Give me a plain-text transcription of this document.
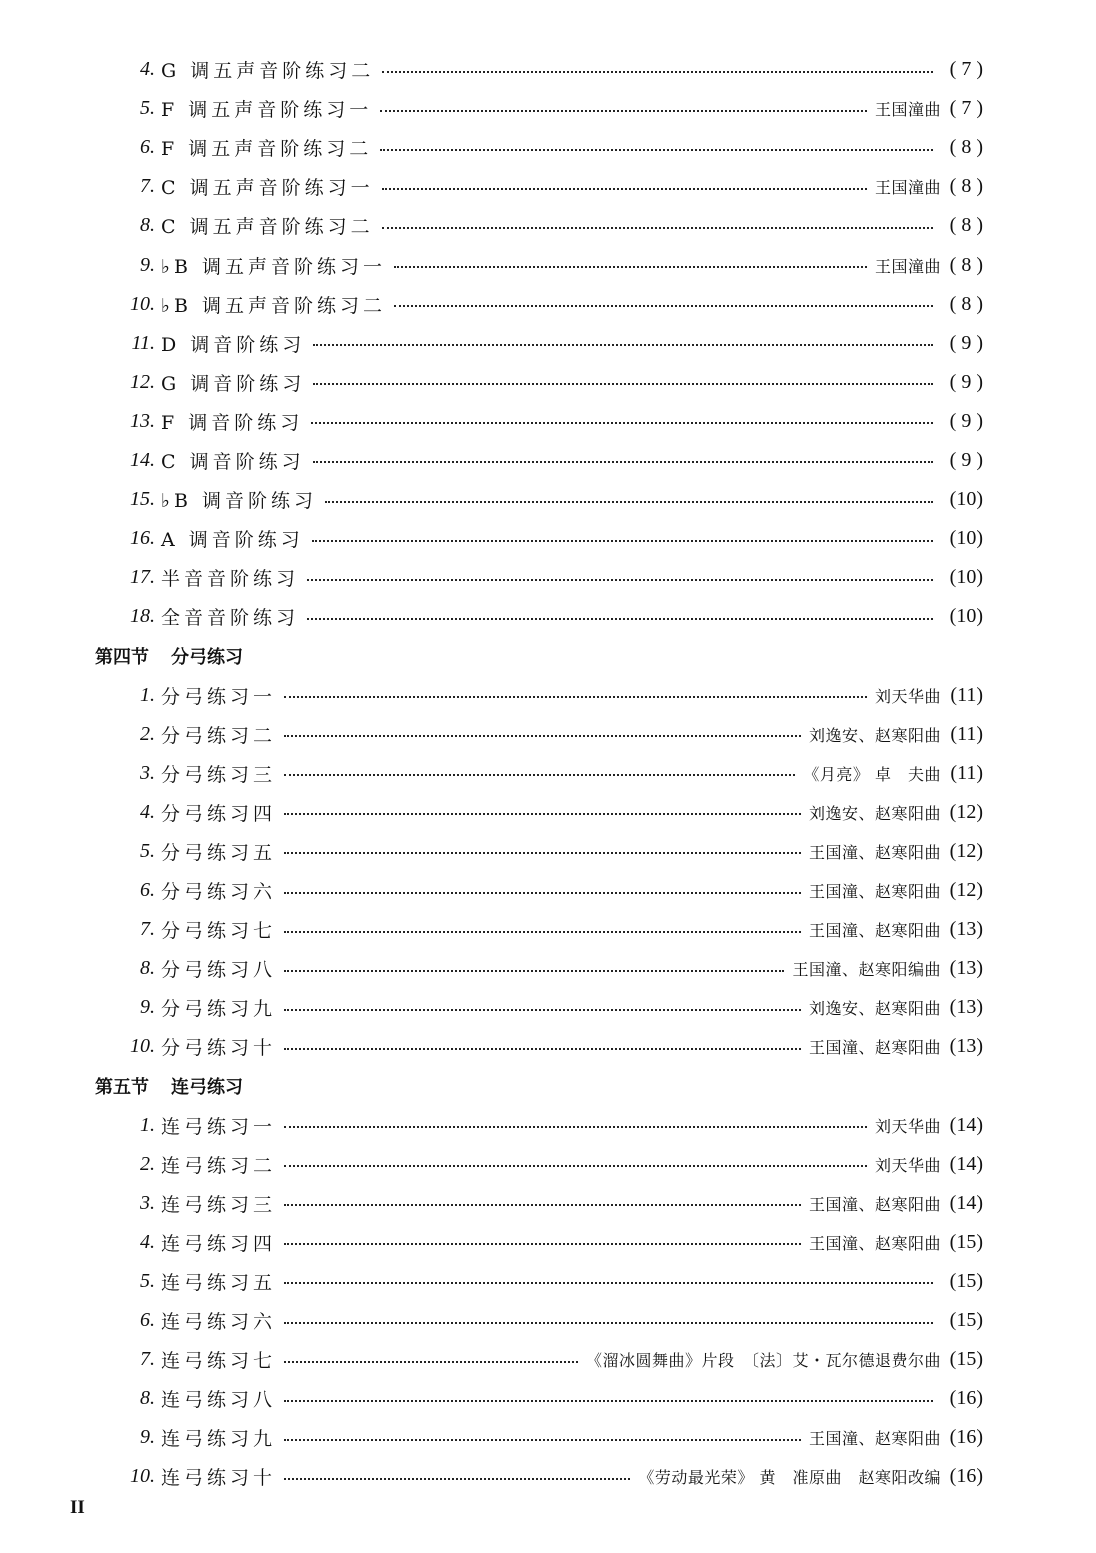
4. G 调五声音阶练习二	( 7 )
5. F 调五声音阶练习一	王国潼曲 ( 7 )
6. F 调五声音阶练习二	( 8 )
7. C 调五声音阶练习一	王国潼曲 ( 8 )
8. C 调五声音阶练习二	( 8 )
9. ♭B 调五声音阶练习一	王国潼曲 ( 8 )
10. ♭B 调五声音阶练习二	( 8 )
11. D 调音阶练习	( 9 )
12. G 调音阶练习	( 9 )
13. F 调音阶练习	( 9 )
14. C 调音阶练习	( 9 )
15. ♭B 调音阶练习	(10)
16. A 调音阶练习	(10)
17. 半音音阶练习	(10)
18. 全音音阶练习	(10)
第四节 分弓练习
1. 分弓练习一	刘天华曲 (11)
2. 分弓练习二	刘逸安、赵寒阳曲 (11)
3. 分弓练习三	《月亮》 卓　夫曲 (11)
4. 分弓练习四	刘逸安、赵寒阳曲 (12)
5. 分弓练习五	王国潼、赵寒阳曲 (12)
6. 分弓练习六	王国潼、赵寒阳曲 (12)
7. 分弓练习七	王国潼、赵寒阳曲 (13)
8. 分弓练习八	王国潼、赵寒阳编曲 (13)
9. 分弓练习九	刘逸安、赵寒阳曲 (13)
10. 分弓练习十	王国潼、赵寒阳曲 (13)
第五节 连弓练习
1. 连弓练习一	刘天华曲 (14)
2. 连弓练习二	刘天华曲 (14)
3. 连弓练习三	王国潼、赵寒阳曲 (14)
4. 连弓练习四	王国潼、赵寒阳曲 (15)
5. 连弓练习五	(15)
6. 连弓练习六	(15)
7. 连弓练习七	《溜冰圆舞曲》片段　〔法〕艾・瓦尔德退费尔曲 (15)
8. 连弓练习八	(16)
9. 连弓练习九	王国潼、赵寒阳曲 (16)
10. 连弓练习十	《劳动最光荣》 黄　准原曲　赵寒阳改编 (16)
II
